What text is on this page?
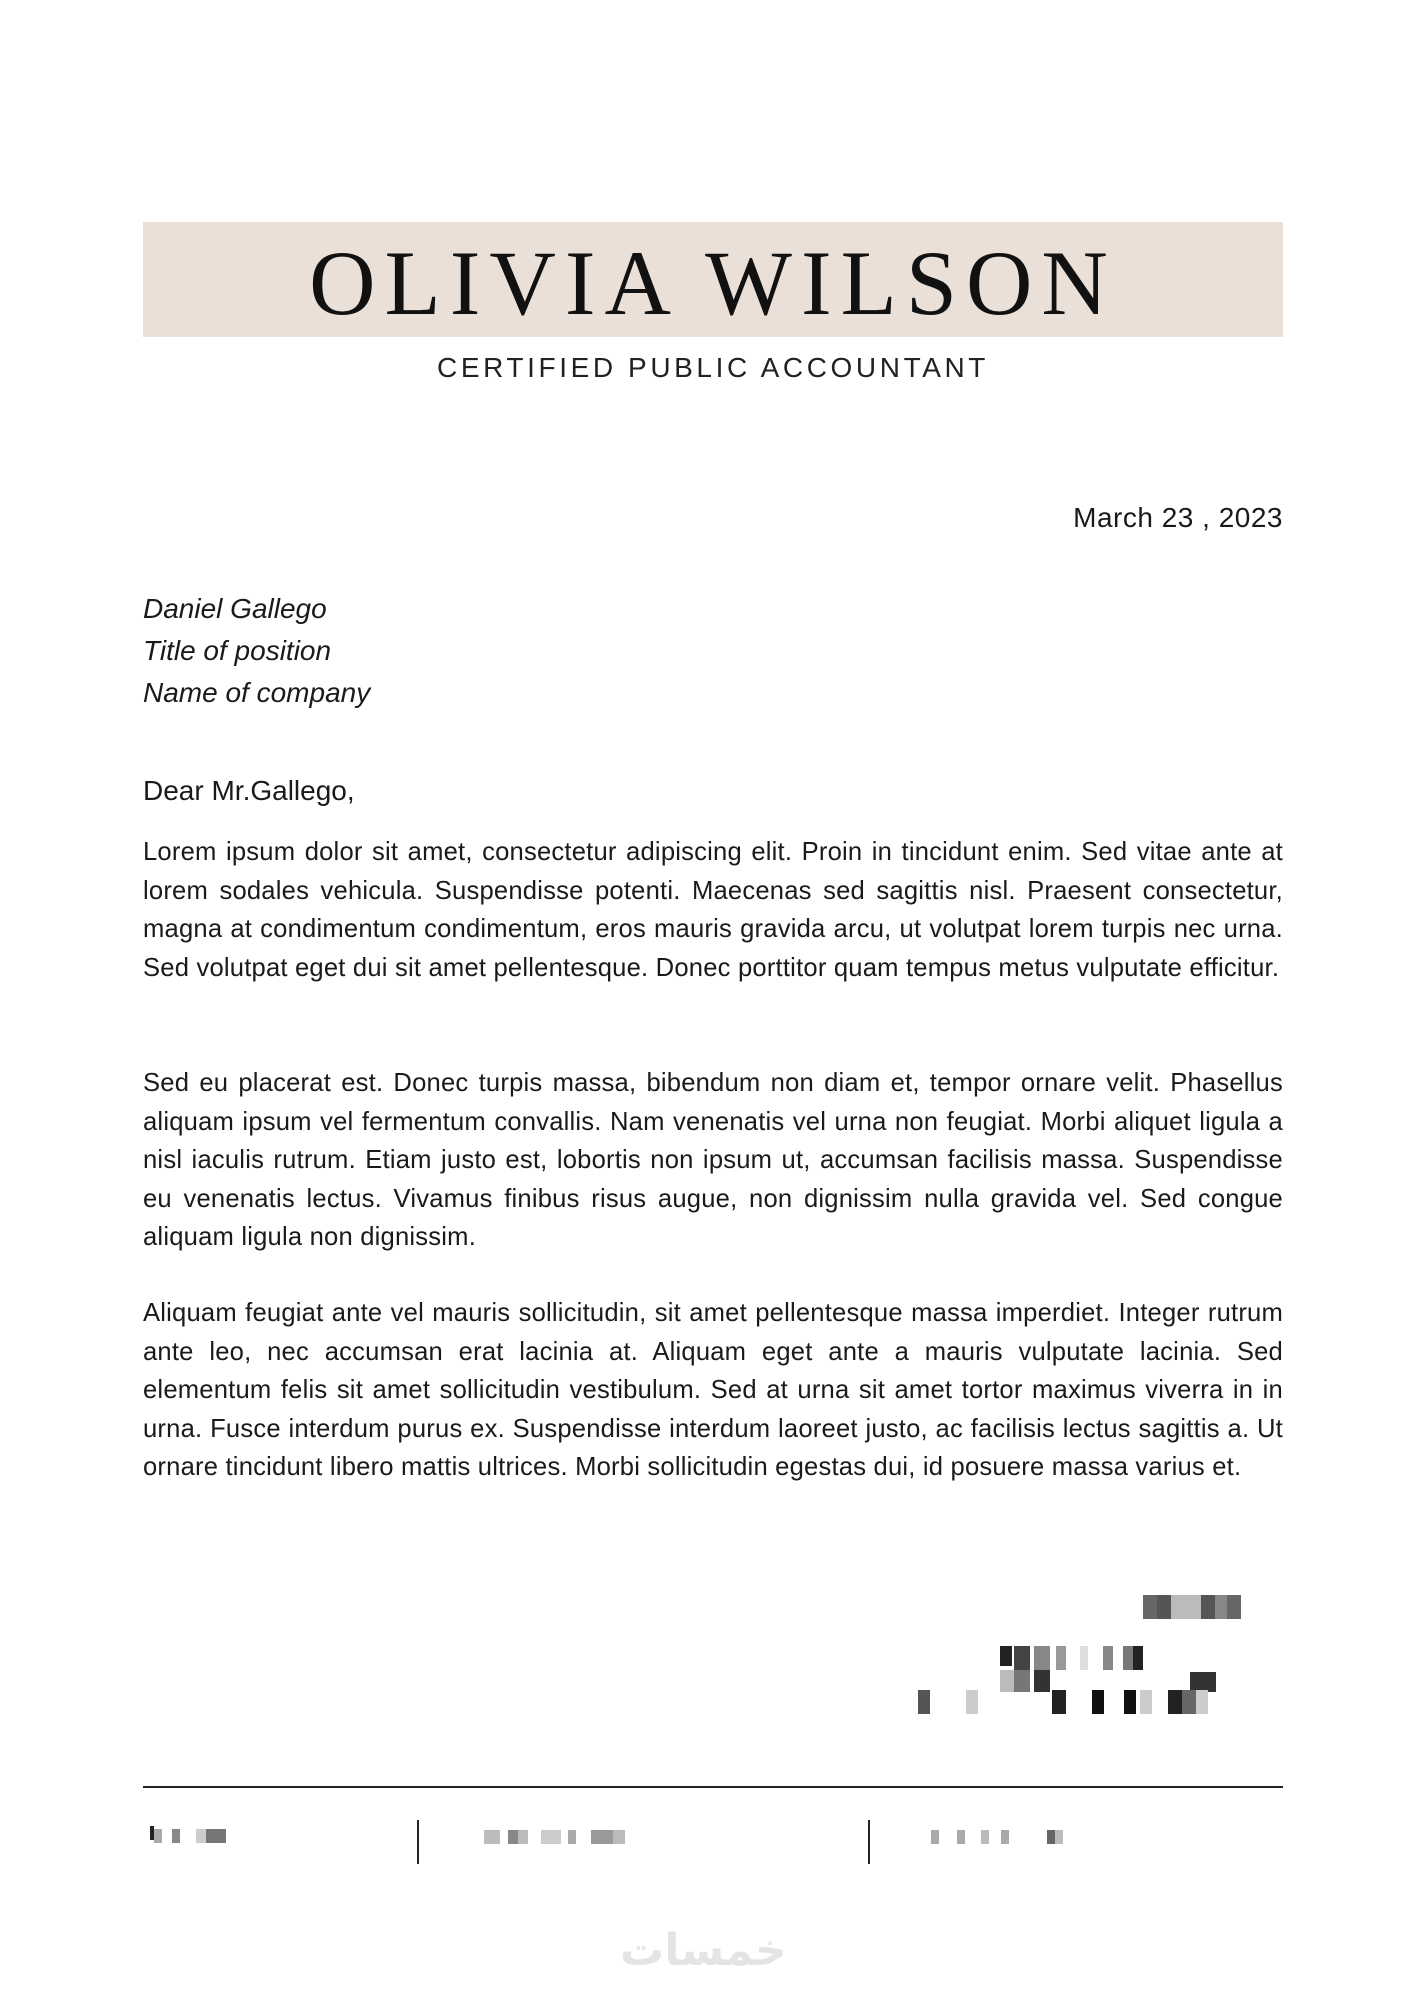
OLIVIA WILSON
CERTIFIED PUBLIC ACCOUNTANT
March 23 , 2023
Daniel Gallego
Title of position
Name of company
Dear Mr.Gallego,
Lorem ipsum dolor sit amet, consectetur adipiscing elit. Proin in tincidunt enim. Sed vitae ante at lorem sodales vehicula. Suspendisse potenti. Maecenas sed sagittis nisl. Praesent consectetur, magna at condimentum condimentum, eros mauris gravida arcu, ut volutpat lorem turpis nec urna. Sed volutpat eget dui sit amet pellentesque. Donec porttitor quam tempus metus vulputate efficitur.
Sed eu placerat est. Donec turpis massa, bibendum non diam et, tempor ornare velit. Phasellus aliquam ipsum vel fermentum convallis. Nam venenatis vel urna non feugiat. Morbi aliquet ligula a nisl iaculis rutrum. Etiam justo est, lobortis non ipsum ut, accumsan facilisis massa. Suspendisse eu venenatis lectus. Vivamus finibus risus augue, non dignissim nulla gravida vel. Sed congue aliquam ligula non dignissim.
Aliquam feugiat ante vel mauris sollicitudin, sit amet pellentesque massa imperdiet. Integer rutrum ante leo, nec accumsan erat lacinia at. Aliquam eget ante a mauris vulputate lacinia. Sed elementum felis sit amet sollicitudin vestibulum. Sed at urna sit amet tortor maximus viverra in in urna. Fusce interdum purus ex. Suspendisse interdum laoreet justo, ac facilisis lectus sagittis a. Ut ornare tincidunt libero mattis ultrices. Morbi sollicitudin egestas dui, id posuere massa varius et.
خمسات
